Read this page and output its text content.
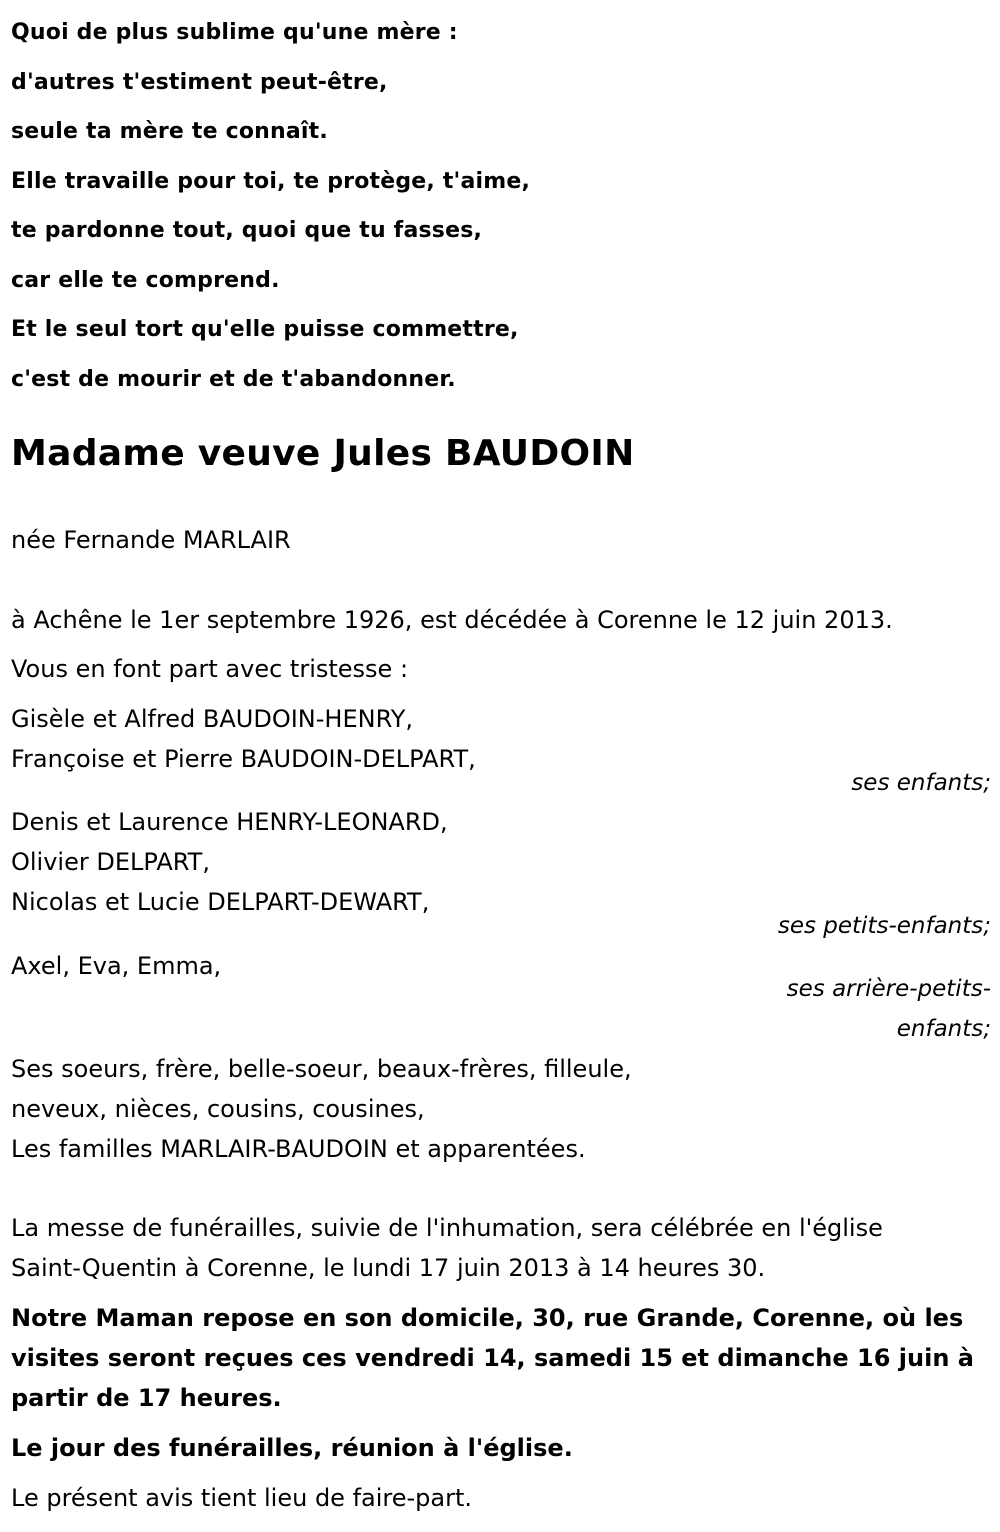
Quoi de plus sublime qu'une mère :
d'autres t'estiment peut-être,
seule ta mère te connaît.
Elle travaille pour toi, te protège, t'aime,
te pardonne tout, quoi que tu fasses,
car elle te comprend.
Et le seul tort qu'elle puisse commettre,
c'est de mourir et de t'abandonner.
Madame veuve Jules BAUDOIN
née Fernande MARLAIR
à Achêne le 1er septembre 1926, est décédée à Corenne le 12 juin 2013.
Vous en font part avec tristesse :
Gisèle et Alfred BAUDOIN-HENRY,
Françoise et Pierre BAUDOIN-DELPART,
ses enfants;
Denis et Laurence HENRY-LEONARD,
Olivier DELPART,
Nicolas et Lucie DELPART-DEWART,
ses petits-enfants;
Axel, Eva, Emma,
ses arrière-petits-
enfants;
Ses soeurs, frère, belle-soeur, beaux-frères, filleule,
neveux, nièces, cousins, cousines,
Les familles MARLAIR-BAUDOIN et apparentées.
La messe de funérailles, suivie de l'inhumation, sera célébrée en l'église
Saint-Quentin à Corenne, le lundi 17 juin 2013 à 14 heures 30.
Notre Maman repose en son domicile, 30, rue Grande, Corenne, où les visites seront reçues ces vendredi 14, samedi 15 et dimanche 16 juin à partir de 17 heures.
Le jour des funérailles, réunion à l'église.
Le présent avis tient lieu de faire-part.
